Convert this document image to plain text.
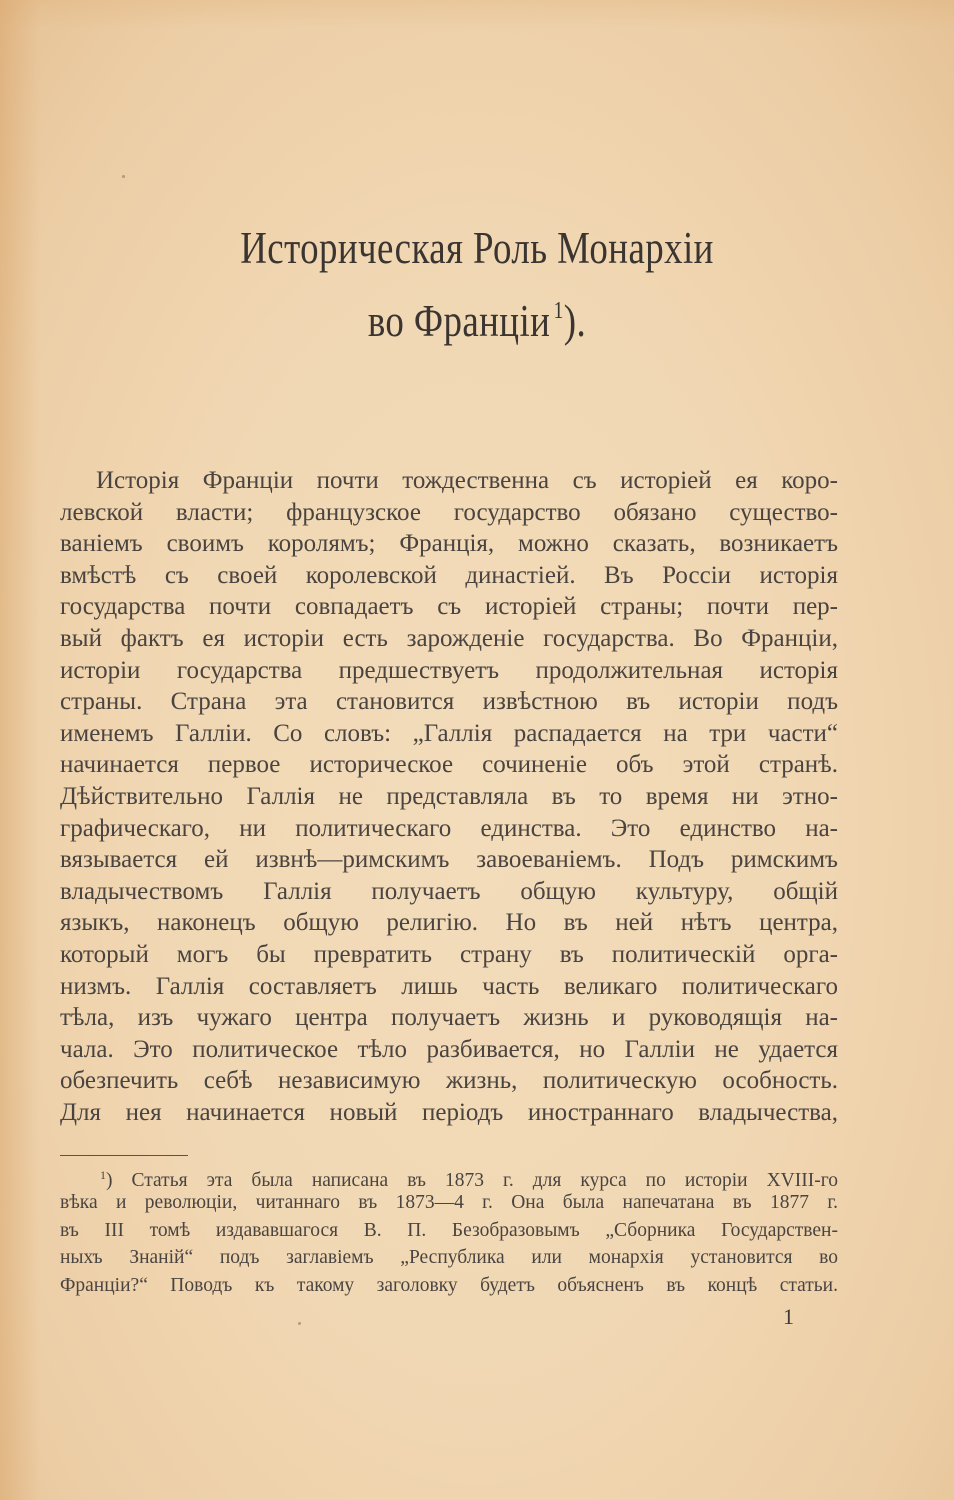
Историческая Роль Монархіи
во Франціи $^1$).
Исторія Франціи почти тождественна съ исторіей ея коро-
левской власти; французское государство обязано существо-
ваніемъ своимъ королямъ; Франція, можно сказать, возникаетъ
вмѣстѣ съ своей королевской династіей. Въ Россіи исторія
государства почти совпадаетъ съ исторіей страны; почти пер-
вый фактъ ея исторіи есть зарожденіе государства. Во Франціи,
исторіи государства предшествуетъ продолжительная исторія
страны. Страна эта становится извѣстною въ исторіи подъ
именемъ Галліи. Со словъ: „Галлія распадается на три части“
начинается первое историческое сочиненіе объ этой странѣ.
Дѣйствительно Галлія не представляла въ то время ни этно-
графическаго, ни политическаго единства. Это единство на-
вязывается ей извнѣ—римскимъ завоеваніемъ. Подъ римскимъ
владычествомъ Галлія получаетъ общую культуру, общій
языкъ, наконецъ общую религію. Но въ ней нѣтъ центра,
который могъ бы превратить страну въ политическій орга-
низмъ. Галлія составляетъ лишь часть великаго политическаго
тѣла, изъ чужаго центра получаетъ жизнь и руководящія на-
чала. Это политическое тѣло разбивается, но Галліи не удается
обезпечить себѣ независимую жизнь, политическую особность.
Для нея начинается новый періодъ иностраннаго владычества,
$^1$) Статья эта была написана въ 1873 г. для курса по исторіи XVIII-го
вѣка и революціи, читаннаго въ 1873—4 г. Она была напечатана въ 1877 г.
въ III томѣ издававшагося В. П. Безобразовымъ „Сборника Государствен-
ныхъ Знаній“ подъ заглавіемъ „Республика или монархія установится во
Франціи?“ Поводъ къ такому заголовку будетъ объясненъ въ концѣ статьи.
1
